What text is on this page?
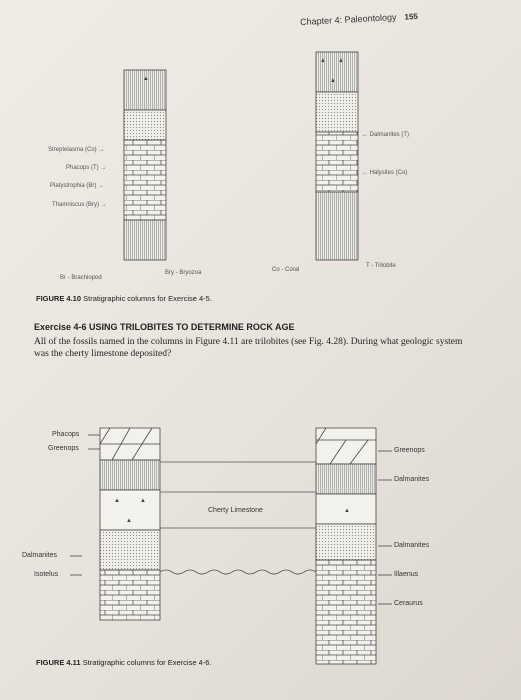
Chapter 4: Paleontology 155
▲
▲ ▲
▲
▲	▲
▲
▲
Streptelasma (Co) →
Phacops (T) →
Platystrophia (Br) →
Thamniscus (Bry) →
← Dalmanites (T)
← Halysites (Co)
Br - Brachiopod
Bry - Bryozoa	Co - Coral
T - Trilobite
FIGURE 4.10 Stratigraphic columns for Exercise 4-5.
Exercise 4-6 USING TRILOBITES TO DETERMINE ROCK AGE
All of the fossils named in the columns in Figure 4.11 are trilobites (see Fig. 4.28). During what geologic system was the cherty limestone deposited?
Phacops
Greenops
Dalmanites
Isotelus
Cherty Limestone
Greenops
Dalmanites
Dalmanites
Illaenus
Ceraurus
FIGURE 4.11 Stratigraphic columns for Exercise 4-6.
